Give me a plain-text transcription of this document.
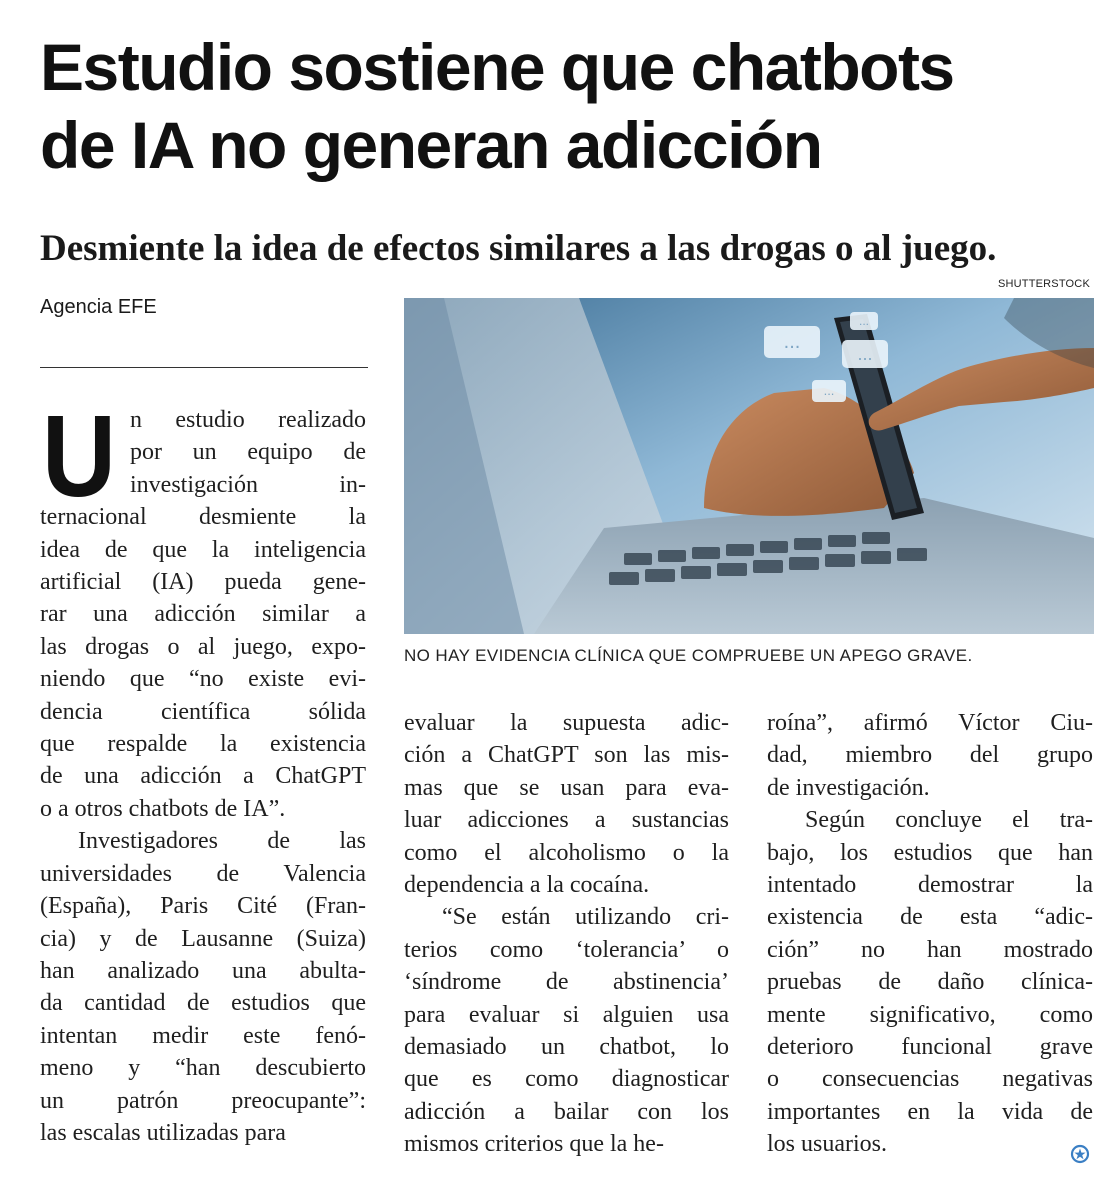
Estudio sostiene que chatbots
de IA no generan adicción
Desmiente la idea de efectos similares a las drogas o al juego.
SHUTTERSTOCK
Agencia EFE
U n estudio realizado
por un equipo de
investigación in-
ternacional desmiente la
idea de que la inteligencia
artificial (IA) pueda gene-
rar una adicción similar a
las drogas o al juego, expo-
niendo que “no existe evi-
dencia científica sólida
que respalde la existencia
de una adicción a ChatGPT
o a otros chatbots de IA”.
Investigadores de las
universidades de Valencia
(España), Paris Cité (Fran-
cia) y de Lausanne (Suiza)
han analizado una abulta-
da cantidad de estudios que
intentan medir este fenó-
meno y “han descubierto
un patrón preocupante”:
las escalas utilizadas para
...
...
...
...
NO HAY EVIDENCIA CLÍNICA QUE COMPRUEBE UN APEGO GRAVE.
evaluar la supuesta adic-
ción a ChatGPT son las mis-
mas que se usan para eva-
luar adicciones a sustancias
como el alcoholismo o la
dependencia a la cocaína.
“Se están utilizando cri-
terios como ‘tolerancia’ o
‘síndrome de abstinencia’
para evaluar si alguien usa
demasiado un chatbot, lo
que es como diagnosticar
adicción a bailar con los
mismos criterios que la he-
roína”, afirmó Víctor Ciu-
dad, miembro del grupo
de investigación.
Según concluye el tra-
bajo, los estudios que han
intentado demostrar la
existencia de esta “adic-
ción” no han mostrado
pruebas de daño clínica-
mente significativo, como
deterioro funcional grave
o consecuencias negativas
importantes en la vida de
los usuarios.
